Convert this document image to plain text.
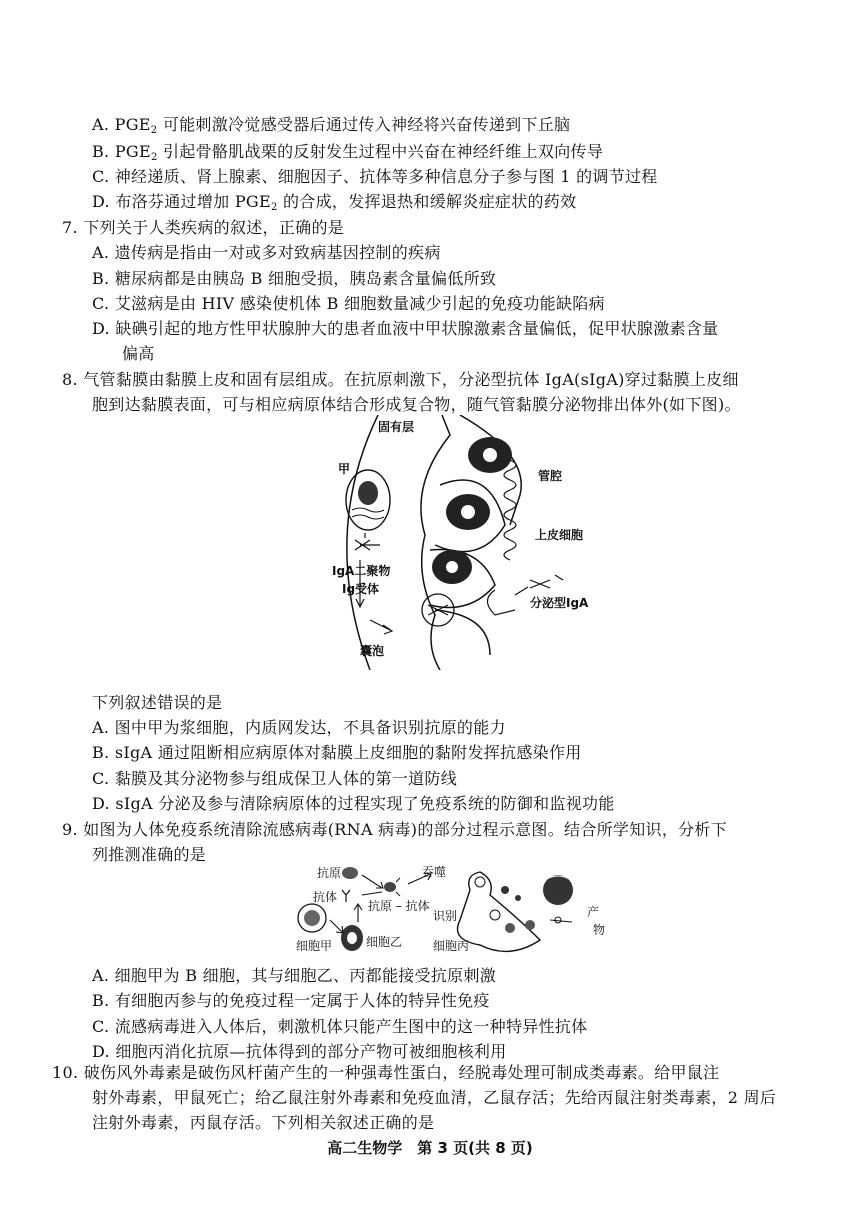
A. $PGE_2$ 可能刺激冷觉感受器后通过传入神经将兴奋传递到下丘脑
B. $PGE_2$ 引起骨骼肌战栗的反射发生过程中兴奋在神经纤维上双向传导
C. 神经递质、肾上腺素、细胞因子、抗体等多种信息分子参与图 1 的调节过程
D. 布洛芬通过增加 $PGE_2$ 的合成，发挥退热和缓解炎症症状的药效
7. 下列关于人类疾病的叙述，正确的是
A. 遗传病是指由一对或多对致病基因控制的疾病
B. 糖尿病都是由胰岛 B 细胞受损，胰岛素含量偏低所致
C. 艾滋病是由 HIV 感染使机体 B 细胞数量减少引起的免疫功能缺陷病
D. 缺碘引起的地方性甲状腺肿大的患者血液中甲状腺激素含量偏低，促甲状腺激素含量
偏高
8. 气管黏膜由黏膜上皮和固有层组成。在抗原刺激下，分泌型抗体 IgA(sIgA)穿过黏膜上皮细
胞到达黏膜表面，可与相应病原体结合形成复合物，随气管黏膜分泌物排出体外(如下图)。
固有层
甲	管腔
上皮细胞
IgA二聚物
Ig受体
分泌型IgA
囊泡
下列叙述错误的是
A. 图中甲为浆细胞，内质网发达，不具备识别抗原的能力
B. sIgA 通过阻断相应病原体对黏膜上皮细胞的黏附发挥抗感染作用
C. 黏膜及其分泌物参与组成保卫人体的第一道防线
D. sIgA 分泌及参与清除病原体的过程实现了免疫系统的防御和监视功能
9. 如图为人体免疫系统清除流感病毒(RNA 病毒)的部分过程示意图。结合所学知识，分析下
列推测准确的是
抗原
抗体
抗原 – 抗体
吞噬
识别
细胞甲	细胞乙	细胞丙
产
物
A. 细胞甲为 B 细胞，其与细胞乙、丙都能接受抗原刺激
B. 有细胞丙参与的免疫过程一定属于人体的特异性免疫
C. 流感病毒进入人体后，刺激机体只能产生图中的这一种特异性抗体
D. 细胞丙消化抗原—抗体得到的部分产物可被细胞核利用
10. 破伤风外毒素是破伤风杆菌产生的一种强毒性蛋白，经脱毒处理可制成类毒素。给甲鼠注
射外毒素，甲鼠死亡；给乙鼠注射外毒素和免疫血清，乙鼠存活；先给丙鼠注射类毒素，2 周后
注射外毒素，丙鼠存活。下列相关叙述正确的是
高二生物学　第 3 页(共 8 页)
